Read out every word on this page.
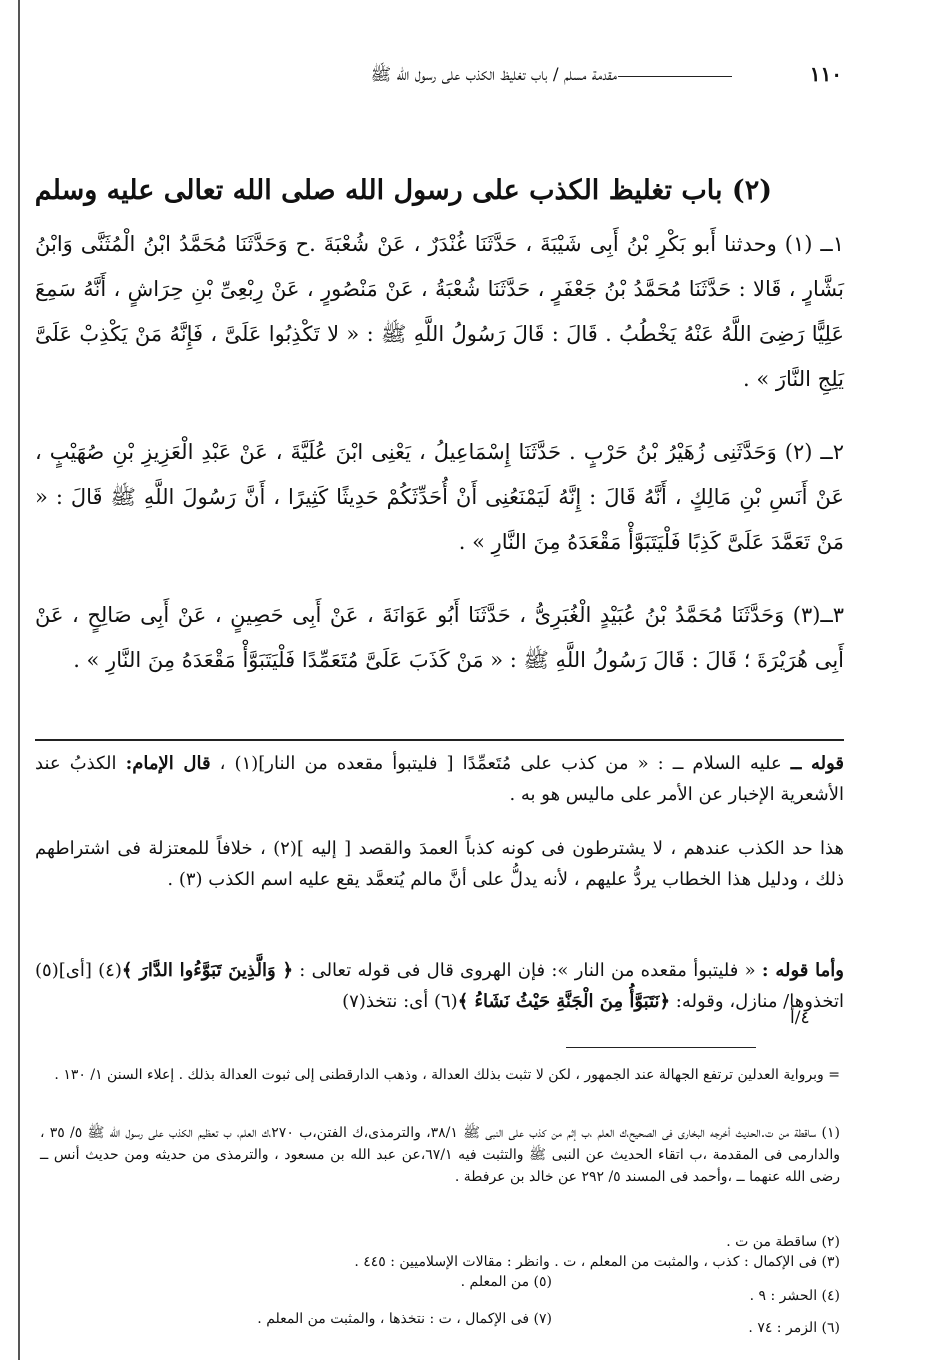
١١٠
مقدمة مسلم / باب تغليظ الكذب على رسول الله ﷺ
(٢) باب تغليظ الكذب على رسول الله صلى الله تعالى عليه وسلم
١ــ (١) وحدثنا أَبو بَكْرِ بْنُ أَبِى شَيْبَةَ ، حَدَّثَنَا غُنْدَرٌ ، عَنْ شُعْبَةَ .ح وَحَدَّثَنَا مُحَمَّدُ ابْنُ الْمُثَنَّى وَابْنُ بَشَّارٍ ، قَالا : حَدَّثَنَا مُحَمَّدُ بْنُ جَعْفَرٍ ، حَدَّثَنَا شُعْبَةُ ، عَنْ مَنْصُورٍ ، عَنْ رِبْعِىِّ بْنِ حِرَاشٍ ، أَنَّهُ سَمِعَ عَلِيًّا رَضِىَ اللَّهُ عَنْهُ يَخْطُبُ . قَالَ : قَالَ رَسُولُ اللَّهِ ﷺ : « لا تَكْذِبُوا عَلَىَّ ، فَإِنَّهُ مَنْ يَكْذِبْ عَلَىَّ يَلِجِ النَّارَ » .
٢ــ (٢) وَحَدَّثَنِى زُهَيْرُ بْنُ حَرْبٍ . حَدَّثَنَا إِسْمَاعِيلُ ، يَعْنِى ابْنَ عُلَيَّةَ ، عَنْ عَبْدِ الْعَزِيزِ بْنِ صُهَيْبٍ ، عَنْ أَنَسِ بْنِ مَالِكٍ ، أَنَّهُ قَالَ : إِنَّهُ لَيَمْنَعُنِى أَنْ أُحَدِّثَكُمْ حَدِيثًا كَثِيرًا ، أَنَّ رَسُولَ اللَّهِ ﷺ قَالَ : « مَنْ تَعَمَّدَ عَلَىَّ كَذِبًا فَلْيَتَبَوَّأْ مَقْعَدَهُ مِنَ النَّارِ » .
٣ــ(٣) وَحَدَّثَنَا مُحَمَّدُ بْنُ عُبَيْدٍ الْغُبَرِىُّ ، حَدَّثَنَا أَبُو عَوَانَةَ ، عَنْ أَبِى حَصِينٍ ، عَنْ أَبِى صَالِحٍ ، عَنْ أَبِى هُرَيْرَةَ ؛ قَالَ : قَالَ رَسُولُ اللَّهِ ﷺ : « مَنْ كَذَبَ عَلَىَّ مُتَعَمِّدًا فَلْيَتَبَوَّأْ مَقْعَدَهُ مِنَ النَّارِ » .
قوله ــ عليه السلام ــ : « من كذب على مُتَعمِّدًا [ فليتبوأ مقعده من النار](١) ، قال الإمام: الكذبُ عند الأشعرية الإخبار عن الأمر على ماليس هو به .
هذا حد الكذب عندهم ، لا يشترطون فى كونه كذباً العمدَ والقصد [ إليه ](٢) ، خلافاً للمعتزلة فى اشتراطهم ذلك ، ودليل هذا الخطاب يردُّ عليهم ، لأنه يدلُّ على أنَّ مالم يُتعمَّد يقع عليه اسم الكذب (٣) .
وأما قوله : « فليتبوأ مقعده من النار »: فإن الهروى قال فى قوله تعالى : ﴿ وَالَّذِينَ تَبَوَّءُوا الدَّارَ ﴾(٤) [أى](٥) اتخذوها/ منازل، وقوله: ﴿نَتَبَوَّأُ مِنَ الْجَنَّةِ حَيْثُ نَشَاءُ ﴾(٦) أى: نتخذ(٧)
٤/أ
= وبرواية العدلين ترتفع الجهالة عند الجمهور ، لكن لا تثبت بذلك العدالة ، وذهب الدارقطنى إلى ثبوت العدالة بذلك . إعلاء السنن ١/ ١٣٠ .
(١) ساقطة من ت.الحديث أخرجه البخارى فى الصحيح،ك العلم ،ب إثم من كذب على النبى ﷺ ٣٨/١، والترمذى،ك الفتن،ب ٢٧٠،ك العلم، ب تعظيم الكذب على رسول الله ﷺ ٥/ ٣٥ ، والدارمى فى المقدمة ،ب اتقاء الحديث عن النبى ﷺ والتثبت فيه ٦٧/١،عن عبد الله بن مسعود ، والترمذى من حديثه ومن حديث أنس ــ رضى الله عنهما ــ ،وأحمد فى المسند ٥/ ٢٩٢ عن خالد بن عرفطة .
(٢) ساقطة من ت .
(٣) فى الإكمال : كذب ، والمثبت من المعلم ، ت . وانظر : مقالات الإسلاميين : ٤٤٥ .
(٥) من المعلم .
(٤) الحشر : ٩ .
(٧) فى الإكمال ، ت : نتخذها ، والمثبت من المعلم .
(٦) الزمر : ٧٤ .
